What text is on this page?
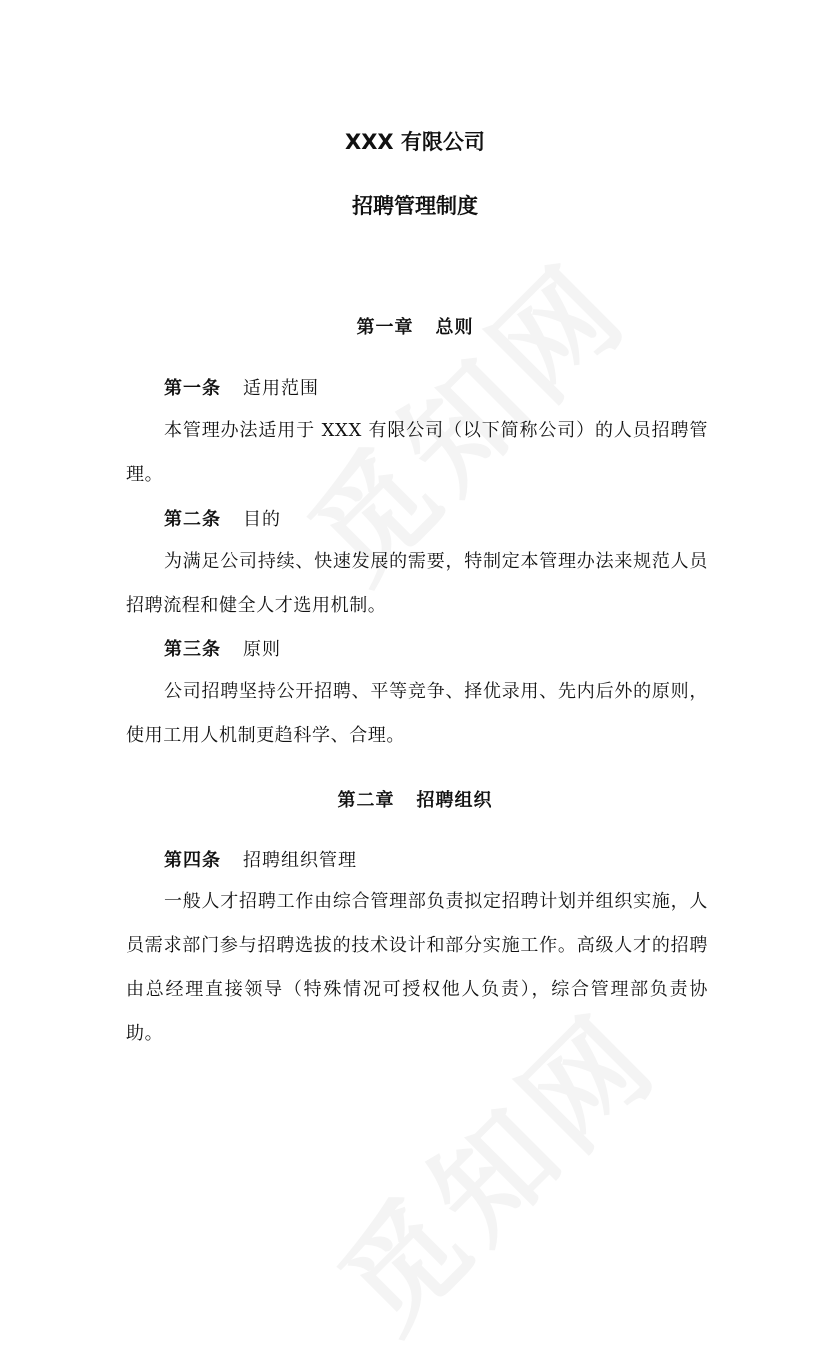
XXX 有限公司
招聘管理制度
第一章 总则

第一条 适用范围

本管理办法适用于 XXX 有限公司（以下简称公司）的人员招聘管理。

第二条 目的

为满足公司持续、快速发展的需要，特制定本管理办法来规范人员招聘流程和健全人才选用机制。

第三条 原则

公司招聘坚持公开招聘、平等竞争、择优录用、先内后外的原则，使用工用人机制更趋科学、合理。

第二章 招聘组织

第四条 招聘组织管理

一般人才招聘工作由综合管理部负责拟定招聘计划并组织实施，人员需求部门参与招聘选拔的技术设计和部分实施工作。高级人才的招聘由总经理直接领导（特殊情况可授权他人负责），综合管理部负责协助。
